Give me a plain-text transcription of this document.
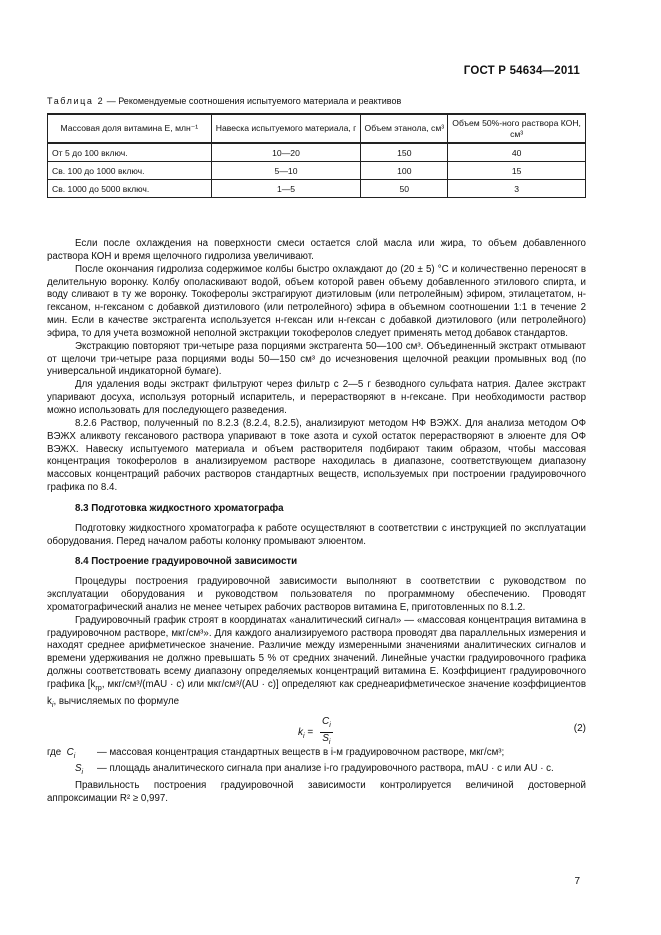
ГОСТ Р 54634—2011
Таблица 2 — Рекомендуемые соотношения испытуемого материала и реактивов
Массовая доля витамина Е, млн⁻¹	Навеска испытуемого материала, г	Объем этанола, см³	Объем 50%-ного раствора КОН, см³
От 5 до 100 включ.	10—20	150	40
Св. 100 до 1000 включ.	5—10	100	15
Св. 1000 до 5000 включ.	1—5	50	3

Если после охлаждения на поверхности смеси остается слой масла или жира, то объем добавленного раствора КОН и время щелочного гидролиза увеличивают.

После окончания гидролиза содержимое колбы быстро охлаждают до (20 ± 5) °С и количественно переносят в делительную воронку. Колбу ополаскивают водой, объем которой равен объему добавленного этилового спирта, и воду сливают в ту же воронку. Токоферолы экстрагируют диэтиловым (или петролейным) эфиром, этилацетатом, н-гексаном, н-гексаном с добавкой диэтилового (или петролейного) эфира в объемном соотношении 1:1 в течение 2 мин. Если в качестве экстрагента используется н-гексан или н-гексан с добавкой диэтилового (или петролейного) эфира, то для учета возможной неполной экстракции токоферолов следует применять метод добавок стандартов.

Экстракцию повторяют три-четыре раза порциями экстрагента 50—100 см³. Объединенный экстракт отмывают от щелочи три-четыре раза порциями воды 50—150 см³ до исчезновения щелочной реакции промывных вод (по универсальной индикаторной бумаге).

Для удаления воды экстракт фильтруют через фильтр с 2—5 г безводного сульфата натрия. Далее экстракт упаривают досуха, используя роторный испаритель, и перерастворяют в н-гексане. При необходимости раствор можно использовать для последующего разведения.

8.2.6 Раствор, полученный по 8.2.3 (8.2.4, 8.2.5), анализируют методом НФ ВЭЖХ. Для анализа методом ОФ ВЭЖХ аликвоту гексанового раствора упаривают в токе азота и сухой остаток перерастворяют в элюенте для ОФ ВЭЖХ. Навеску испытуемого материала и объем растворителя подбирают таким образом, чтобы массовая концентрация токоферолов в анализируемом растворе находилась в диапазоне, соответствующем диапазону массовых концентраций рабочих растворов стандартных веществ, используемых при построении градуировочного графика по 8.4.

8.3 Подготовка жидкостного хроматографа

Подготовку жидкостного хроматографа к работе осуществляют в соответствии с инструкцией по эксплуатации оборудования. Перед началом работы колонку промывают элюентом.

8.4 Построение градуировочной зависимости

Процедуры построения градуировочной зависимости выполняют в соответствии с руководством по эксплуатации оборудования и руководством пользователя по программному обеспечению. Проводят хроматографический анализ не менее четырех рабочих растворов витамина Е, приготовленных по 8.1.2.

Градуировочный график строят в координатах «аналитический сигнал» — «массовая концентрация витамина в градуировочном растворе, мкг/см³». Для каждого анализируемого раствора проводят два параллельных измерения и находят среднее арифметическое значение. Различие между измеренными значениями аналитических сигналов и времени удерживания не должно превышать 5 % от средних значений. Линейные участки градуировочного графика должны соответствовать всему диапазону определяемых концентраций витамина Е. Коэффициент градуировочного графика [$k_{гр}$, мкг/см³/(mAU · с) или мкг/см³/(AU · с)] определяют как среднеарифметическое значение коэффициентов $k_i$, вычисляемых по формуле

$k_i = \frac{C_i}{S_i}$	(2)
где $C_i$	— массовая концентрация стандартных веществ в i-м градуировочном растворе, мкг/см³;
$S_i$	— площадь аналитического сигнала при анализе i-го градуировочного раствора, mAU · с или AU · с.

Правильность построения градуировочной зависимости контролируется величиной достоверной аппроксимации R² ≥ 0,997.

7
